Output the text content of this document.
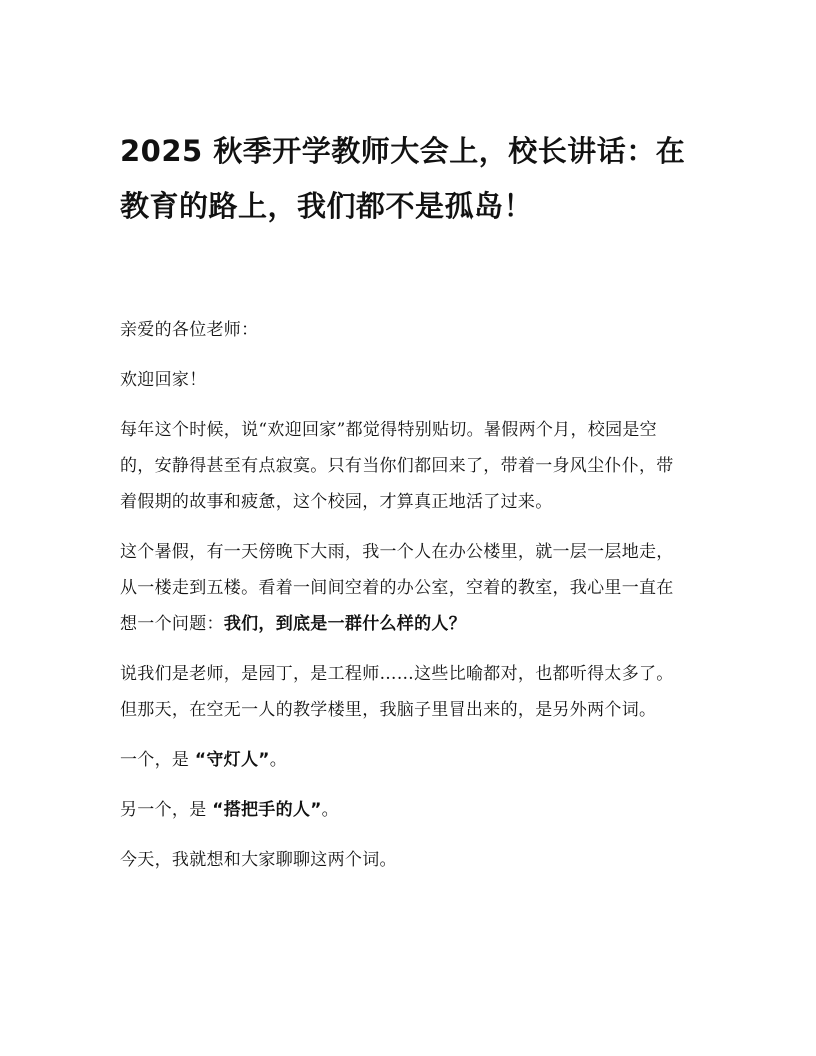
2025 秋季开学教师大会上，校长讲话：在教育的路上，我们都不是孤岛！

亲爱的各位老师：

欢迎回家！

每年这个时候，说“欢迎回家”都觉得特别贴切。暑假两个月，校园是空的，安静得甚至有点寂寞。只有当你们都回来了，带着一身风尘仆仆，带着假期的故事和疲惫，这个校园，才算真正地活了过来。

这个暑假，有一天傍晚下大雨，我一个人在办公楼里，就一层一层地走，从一楼走到五楼。看着一间间空着的办公室，空着的教室，我心里一直在想一个问题：我们，到底是一群什么样的人？

说我们是老师，是园丁，是工程师……这些比喻都对，也都听得太多了。但那天，在空无一人的教学楼里，我脑子里冒出来的，是另外两个词。

一个，是 “守灯人”。

另一个，是 “搭把手的人”。

今天，我就想和大家聊聊这两个词。
